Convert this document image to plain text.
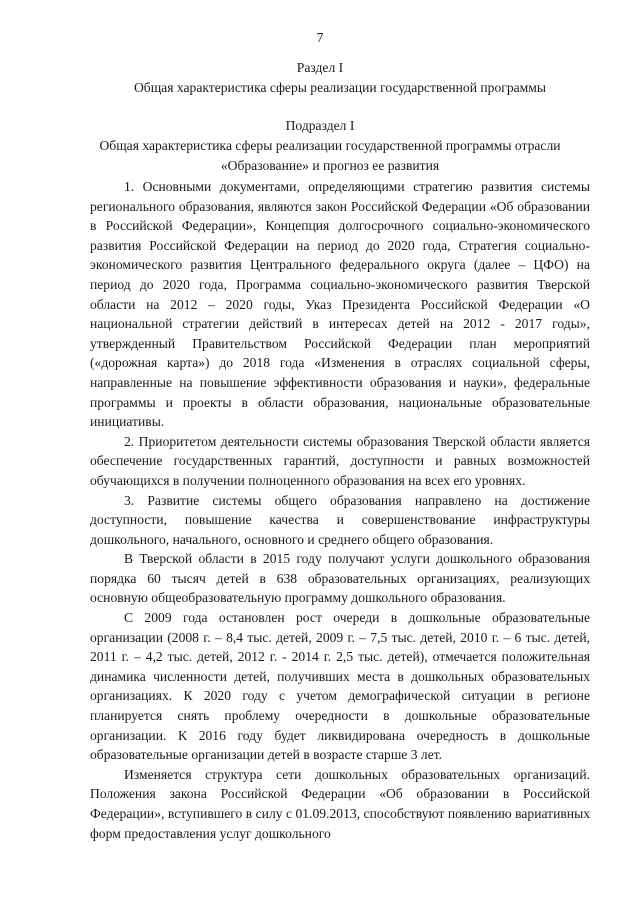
7
Раздел I
Общая характеристика сферы реализации государственной программы
Подраздел I
Общая характеристика сферы реализации государственной программы отрасли «Образование» и прогноз ее развития

1. Основными документами, определяющими стратегию развития системы регионального образования, являются закон Российской Федерации «Об образовании в Российской Федерации», Концепция долгосрочного социально-экономического развития Российской Федерации на период до 2020 года, Стратегия социально-экономического развития Центрального федерального округа (далее – ЦФО) на период до 2020 года, Программа социально-экономического развития Тверской области на 2012 – 2020 годы, Указ Президента Российской Федерации «О национальной стратегии действий в интересах детей на 2012 - 2017 годы», утвержденный Правительством Российской Федерации план мероприятий («дорожная карта») до 2018 года «Изменения в отраслях социальной сферы, направленные на повышение эффективности образования и науки», федеральные программы и проекты в области образования, национальные образовательные инициативы.

2. Приоритетом деятельности системы образования Тверской области является обеспечение государственных гарантий, доступности и равных возможностей обучающихся в получении полноценного образования на всех его уровнях.

3. Развитие системы общего образования направлено на достижение доступности, повышение качества и совершенствование инфраструктуры дошкольного, начального, основного и среднего общего образования.

В Тверской области в 2015 году получают услуги дошкольного образования порядка 60 тысяч детей в 638 образовательных организациях, реализующих основную общеобразовательную программу дошкольного образования.

С 2009 года остановлен рост очереди в дошкольные образовательные организации (2008 г. – 8,4 тыс. детей, 2009 г. – 7,5 тыс. детей, 2010 г. – 6 тыс. детей, 2011 г. – 4,2 тыс. детей, 2012 г. - 2014 г. 2,5 тыс. детей), отмечается положительная динамика численности детей, получивших места в дошкольных образовательных организациях. К 2020 году с учетом демографической ситуации в регионе планируется снять проблему очередности в дошкольные образовательные организации. К 2016 году будет ликвидирована очередность в дошкольные образовательные организации детей в возрасте старше 3 лет.

Изменяется структура сети дошкольных образовательных организаций. Положения закона Российской Федерации «Об образовании в Российской Федерации», вступившего в силу с 01.09.2013, способствуют появлению вариативных форм предоставления услуг дошкольного
